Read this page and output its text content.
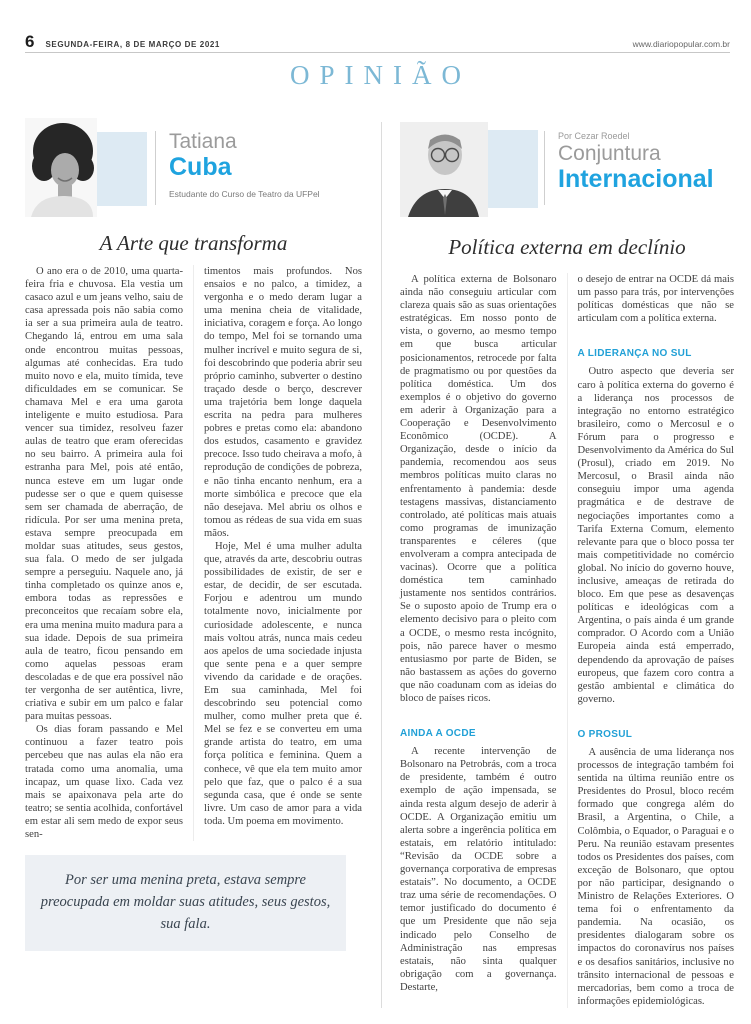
6 SEGUNDA-FEIRA, 8 DE MARÇO DE 2021	www.diariopopular.com.br
OPINIÃO
Tatiana
Cuba
Estudante do Curso de Teatro da UFPel
A Arte que transforma

O ano era o de 2010, uma quarta-feira fria e chuvosa. Ela vestia um casaco azul e um jeans velho, saiu de casa apressada pois não sabia como ia ser a sua primeira aula de teatro. Chegando lá, entrou em uma sala onde encontrou muitas pessoas, algumas até conhecidas. Era tudo muito novo e ela, muito tímida, teve dificuldades em se comunicar. Se chamava Mel e era uma garota inteligente e muito estudiosa. Para vencer sua timidez, resolveu fazer aulas de teatro que eram oferecidas no seu bairro. A primeira aula foi estranha para Mel, pois até então, nunca esteve em um lugar onde pudesse ser o que e quem quisesse sem ser chamada de aberração, de ridícula. Por ser uma menina preta, estava sempre preocupada em moldar suas atitudes, seus gestos, sua fala. O medo de ser julgada sempre a perseguiu. Naquele ano, já tinha completado os quinze anos e, embora todas as repressões e preconceitos que recaíam sobre ela, era uma menina muito madura para a sua idade. Depois de sua primeira aula de teatro, ficou pensando em como aquelas pessoas eram descoladas e de que era possível não ter vergonha de ser autêntica, livre, criativa e subir em um palco e falar para muitas pessoas.

Os dias foram passando e Mel continuou a fazer teatro pois percebeu que nas aulas ela não era tratada como uma anomalia, uma incapaz, um quase lixo. Cada vez mais se apaixonava pela arte do teatro; se sentia acolhida, confortável em estar ali sem medo de expor seus sen-

timentos mais profundos. Nos ensaios e no palco, a timidez, a vergonha e o medo deram lugar a uma menina cheia de vitalidade, iniciativa, coragem e força. Ao longo do tempo, Mel foi se tornando uma mulher incrível e muito segura de si, foi descobrindo que poderia abrir seu próprio caminho, subverter o destino traçado desde o berço, descrever uma trajetória bem longe daquela escrita na pedra para mulheres pobres e pretas como ela: abandono dos estudos, casamento e gravidez precoce. Isso tudo cheirava a mofo, à reprodução de condições de pobreza, e não tinha encanto nenhum, era a morte simbólica e precoce que ela não desejava. Mel abriu os olhos e tomou as rédeas de sua vida em suas mãos.

Hoje, Mel é uma mulher adulta que, através da arte, descobriu outras possibilidades de existir, de ser e estar, de decidir, de ser escutada. Forjou e adentrou um mundo totalmente novo, inicialmente por curiosidade adolescente, e nunca mais voltou atrás, nunca mais cedeu aos apelos de uma sociedade injusta que sente pena e a quer sempre vivendo da caridade e de orações. Em sua caminhada, Mel foi descobrindo seu potencial como mulher, como mulher preta que é. Mel se fez e se converteu em uma grande artista do teatro, em uma força política e feminina. Quem a conhece, vê que ela tem muito amor pelo que faz, que o palco é a sua segunda casa, que é onde se sente livre. Um caso de amor para a vida toda. Um poema em movimento.

Por ser uma menina preta, estava sempre preocupada em moldar suas atitudes, seus gestos, sua fala.

Por Cezar Roedel
Conjuntura
Internacional
Política externa em declínio

A política externa de Bolsonaro ainda não conseguiu articular com clareza quais são as suas orientações estratégicas. Em nosso ponto de vista, o governo, ao mesmo tempo em que busca articular posicionamentos, retrocede por falta de pragmatismo ou por questões da política doméstica. Um dos exemplos é o objetivo do governo em aderir à Organização para a Cooperação e Desenvolvimento Econômico (OCDE). A Organização, desde o início da pandemia, recomendou aos seus membros políticas muito claras no enfrentamento à pandemia: desde testagens massivas, distanciamento controlado, até políticas mais atuais como programas de imunização transparentes e céleres (que envolveram a compra antecipada de vacinas). Ocorre que a política doméstica tem caminhado justamente nos sentidos contrários. Se o suposto apoio de Trump era o elemento decisivo para o pleito com a OCDE, o mesmo resta incógnito, pois, não parece haver o mesmo entusiasmo por parte de Biden, se não bastassem as ações do governo que não coadunam com as ideias do bloco de países ricos.

AINDA A OCDE

A recente intervenção de Bolsonaro na Petrobrás, com a troca de presidente, também é outro exemplo de ação impensada, se ainda resta algum desejo de aderir à OCDE. A Organização emitiu um alerta sobre a ingerência política em estatais, em relatório intitulado: “Revisão da OCDE sobre a governança corporativa de empresas estatais”. No documento, a OCDE traz uma série de recomendações. O temor justificado do documento é que um Presidente que não seja indicado pelo Conselho de Administração nas empresas estatais, não sinta qualquer obrigação com a governança. Destarte,

o desejo de entrar na OCDE dá mais um passo para trás, por intervenções políticas domésticas que não se articulam com a política externa.

A LIDERANÇA NO SUL

Outro aspecto que deveria ser caro à política externa do governo é a liderança nos processos de integração no entorno estratégico brasileiro, como o Mercosul e o Fórum para o progresso e Desenvolvimento da América do Sul (Prosul), criado em 2019. No Mercosul, o Brasil ainda não conseguiu impor uma agenda pragmática e de destrave de negociações importantes como a Tarifa Externa Comum, elemento relevante para que o bloco possa ter mais competitividade no comércio global. No início do governo houve, inclusive, ameaças de retirada do bloco. Em que pese as desavenças políticas e ideológicas com a Argentina, o país ainda é um grande comprador. O Acordo com a União Europeia ainda está emperrado, dependendo da aprovação de países europeus, que fazem coro contra a gestão ambiental e climática do governo.

O PROSUL

A ausência de uma liderança nos processos de integração também foi sentida na última reunião entre os Presidentes do Prosul, bloco recém formado que congrega além do Brasil, a Argentina, o Chile, a Colômbia, o Equador, o Paraguai e o Peru. Na reunião estavam presentes todos os Presidentes dos países, com exceção de Bolsonaro, que optou por não participar, designando o Ministro de Relações Exteriores. O tema foi o enfrentamento da pandemia. Na ocasião, os presidentes dialogaram sobre os impactos do coronavírus nos países e os desafios sanitários, inclusive no trânsito internacional de pessoas e mercadorias, bem como a troca de informações epidemiológicas.
